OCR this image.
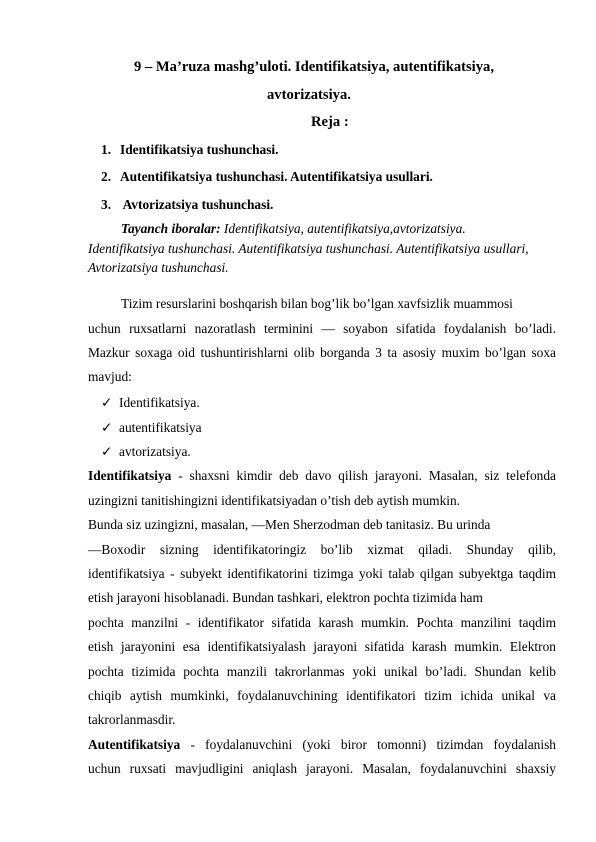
9 – Ma’ruza mashg’uloti. Identifikatsiya, autentifikatsiya,
avtorizatsiya.
Reja :
1. Identifikatsiya tushunchasi.
2. Autentifikatsiya tushunchasi. Autentifikatsiya usullari.
3. Avtorizatsiya tushunchasi.
Tayanch iboralar: Identifikatsiya, autentifikatsiya,avtorizatsiya.
Identifikatsiya tushunchasi. Autentifikatsiya tushunchasi. Autentifikatsiya usullari,
Avtorizatsiya tushunchasi.
Tizim resurslarini boshqarish bilan bog’lik bo’lgan xavfsizlik muammosi
uchun ruxsatlarni nazoratlash terminini ― soyabon sifatida foydalanish bo’ladi.
Mazkur soxaga oid tushuntirishlarni olib borganda 3 ta asosiy muxim bo’lgan soxa
mavjud:
✓ Identifikatsiya.
✓ autentifikatsiya
✓ avtorizatsiya.
Identifikatsiya - shaxsni kimdir deb davo qilish jarayoni. Masalan, siz telefonda
uzingizni tanitishingizni identifikatsiyadan o’tish deb aytish mumkin.
Bunda siz uzingizni, masalan, ―Men Sherzodman deb tanitasiz. Bu urinda
―Boxodir sizning identifikatoringiz bo’lib xizmat qiladi. Shunday qilib,
identifikatsiya - subyekt identifikatorini tizimga yoki talab qilgan subyektga taqdim
etish jarayoni hisoblanadi. Bundan tashkari, elektron pochta tizimida ham
pochta manzilni - identifikator sifatida karash mumkin. Pochta manzilini taqdim
etish jarayonini esa identifikatsiyalash jarayoni sifatida karash mumkin. Elektron
pochta tizimida pochta manzili takrorlanmas yoki unikal bo’ladi. Shundan kelib
chiqib aytish mumkinki, foydalanuvchining identifikatori tizim ichida unikal va
takrorlanmasdir.
Autentifikatsiya - foydalanuvchini (yoki biror tomonni) tizimdan foydalanish
uchun ruxsati mavjudligini aniqlash jarayoni. Masalan, foydalanuvchini shaxsiy
